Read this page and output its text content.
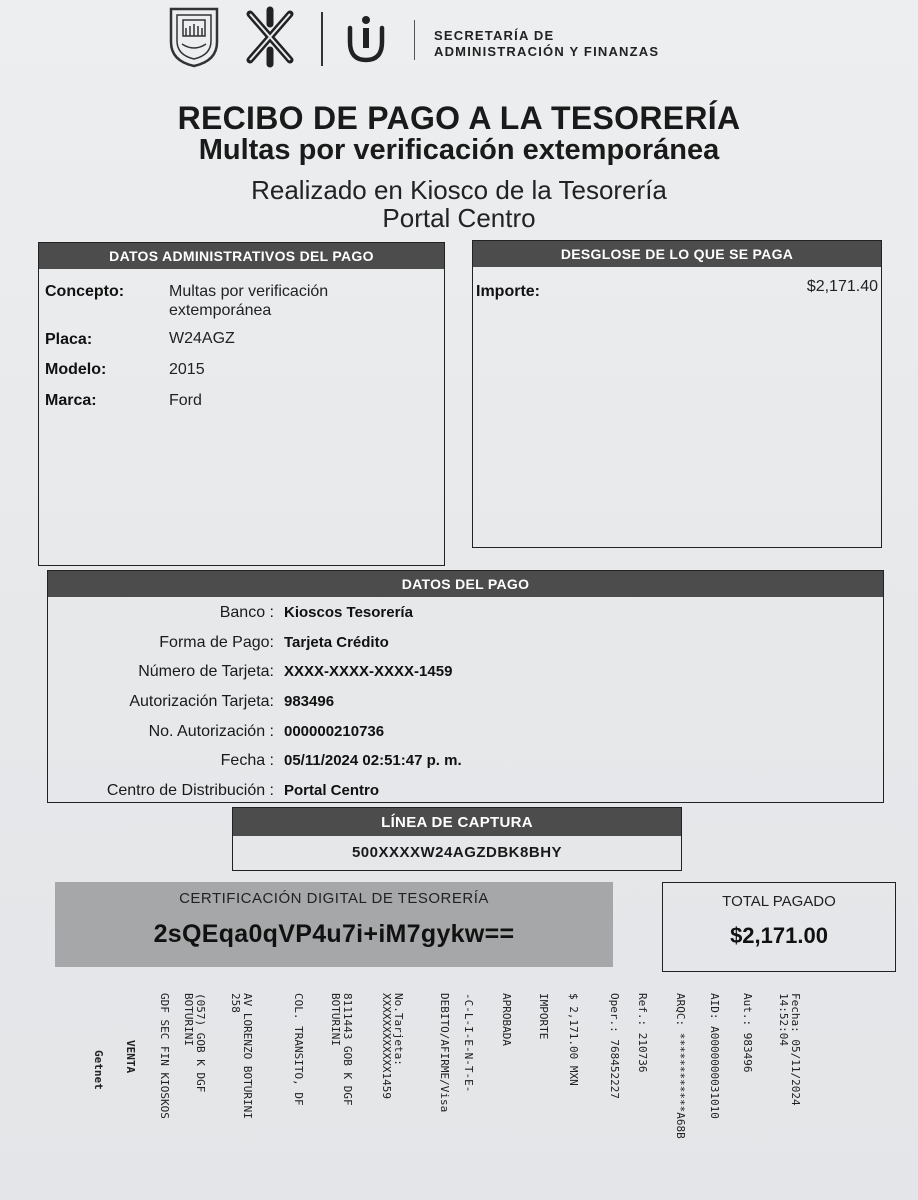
SECRETARÍA DE
ADMINISTRACIÓN Y FINANZAS
RECIBO DE PAGO A LA TESORERÍA
Multas por verificación extemporánea
Realizado en Kiosco de la Tesorería
Portal Centro
DATOS ADMINISTRATIVOS DEL PAGO
Concepto:	Multas por verificación
extemporánea
Placa:	W24AGZ
Modelo:	2015
Marca:	Ford
DESGLOSE DE LO QUE SE PAGA
Importe:	$2,171.40
DATOS DEL PAGO
Banco : Kioscos Tesorería
Forma de Pago: Tarjeta Crédito
Número de Tarjeta: XXXX-XXXX-XXXX-1459
Autorización Tarjeta: 983496
No. Autorización : 000000210736
Fecha : 05/11/2024 02:51:47 p. m.
Centro de Distribución : Portal Centro
LÍNEA DE CAPTURA
500XXXXW24AGZDBK8BHY
CERTIFICACIÓN DIGITAL DE TESORERÍA
2sQEqa0qVP4u7i+iM7gykw==
TOTAL PAGADO
$2,171.00
Getnet VENTA GDF SEC FIN KIOSKOS (057) GOB K DGF
BOTURINI	AV LORENZO BOTURINI
258	COL. TRANSITO, DF	8111443 GOB K DGF
BOTURINI	No.Tarjeta:
XXXXXXXXXXXX1459	DEBITO/AFIRME/Visa -C-L-I-E-N-T-E- APROBADA IMPORTE $ 2,171.00 MXN	Oper.: 768452227 Ref.: 210736 ARQC: ************A68B AID: A0000000031010 Aut.: 983496	Fecha: 05/11/2024
14:52:04
